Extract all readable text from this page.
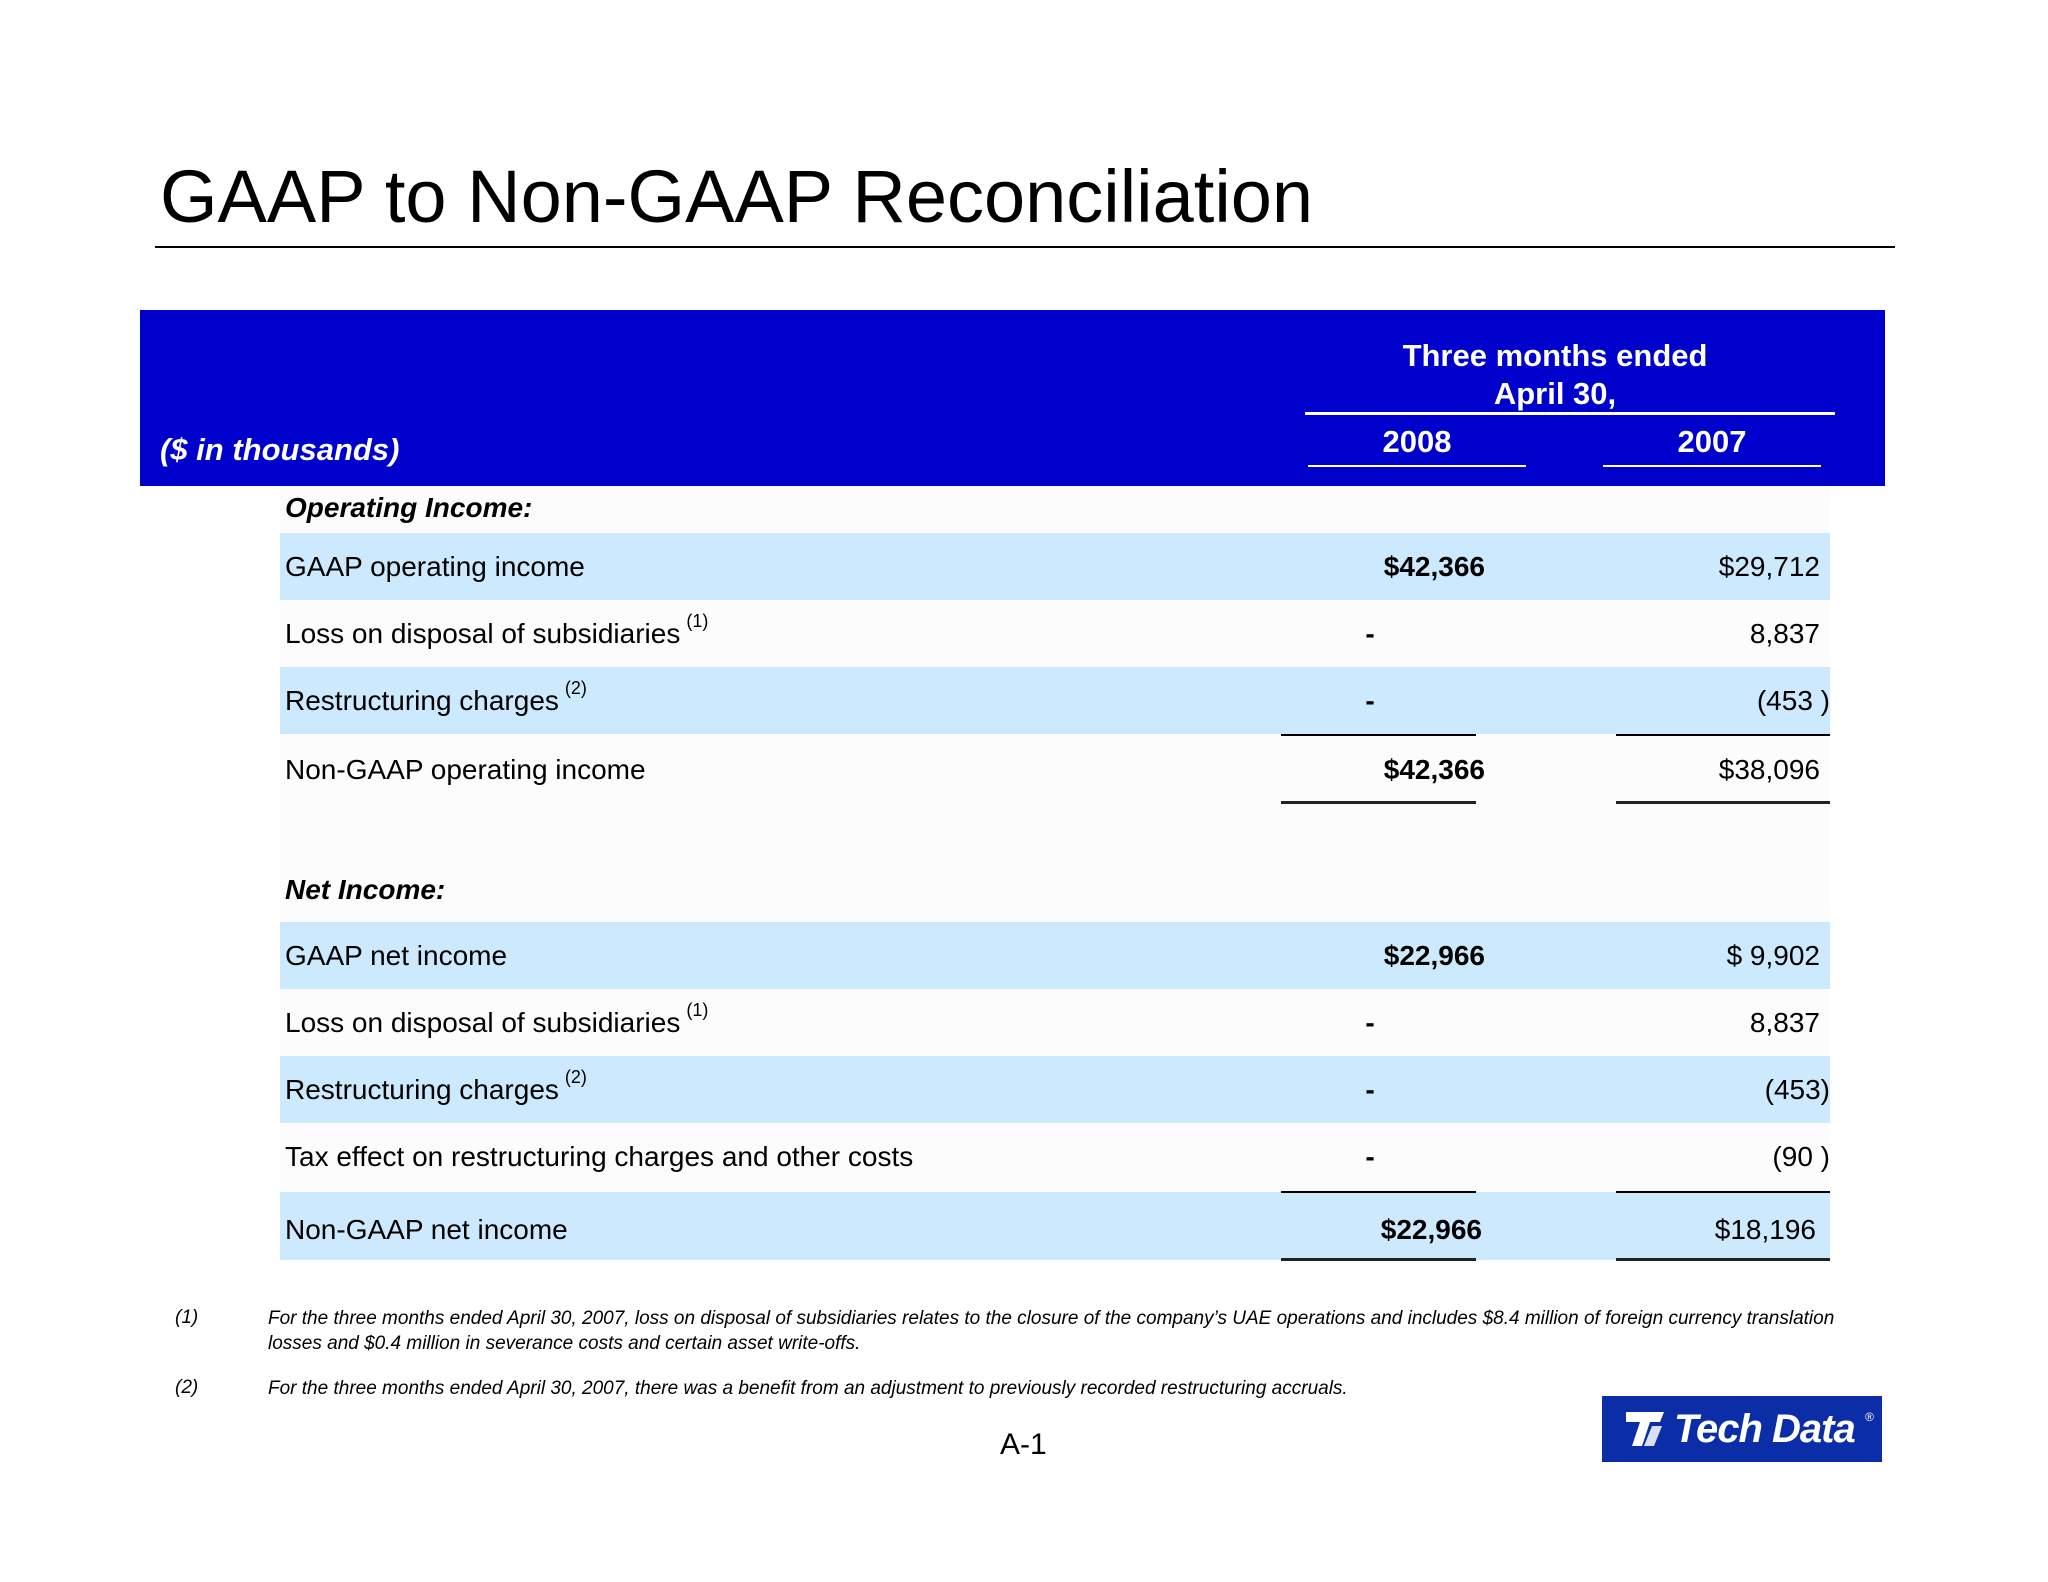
GAAP to Non-GAAP Reconciliation
($ in thousands)
Three months ended
April 30,
2008	2007
Operating Income:
GAAP operating income	$42,366	$29,712
Loss on disposal of subsidiaries $^{(1)}$	-	8,837
Restructuring charges $^{(2)}$	-	(453 )
Non-GAAP operating income	$42,366	$38,096
Net Income:
GAAP net income	$22,966	$ 9,902
Loss on disposal of subsidiaries $^{(1)}$	-	8,837
Restructuring charges $^{(2)}$	-	(453)
Tax effect on restructuring charges and other costs	-	(90 )
Non-GAAP net income	$22,966	$18,196
(1)	For the three months ended April 30, 2007, loss on disposal of subsidiaries relates to the closure of the company’s UAE operations and includes $8.4 million of foreign currency translation losses and $0.4 million in severance costs and certain asset write-offs.
(2)	For the three months ended April 30, 2007, there was a benefit from an adjustment to previously recorded restructuring accruals.
A-1	Tech Data ®
